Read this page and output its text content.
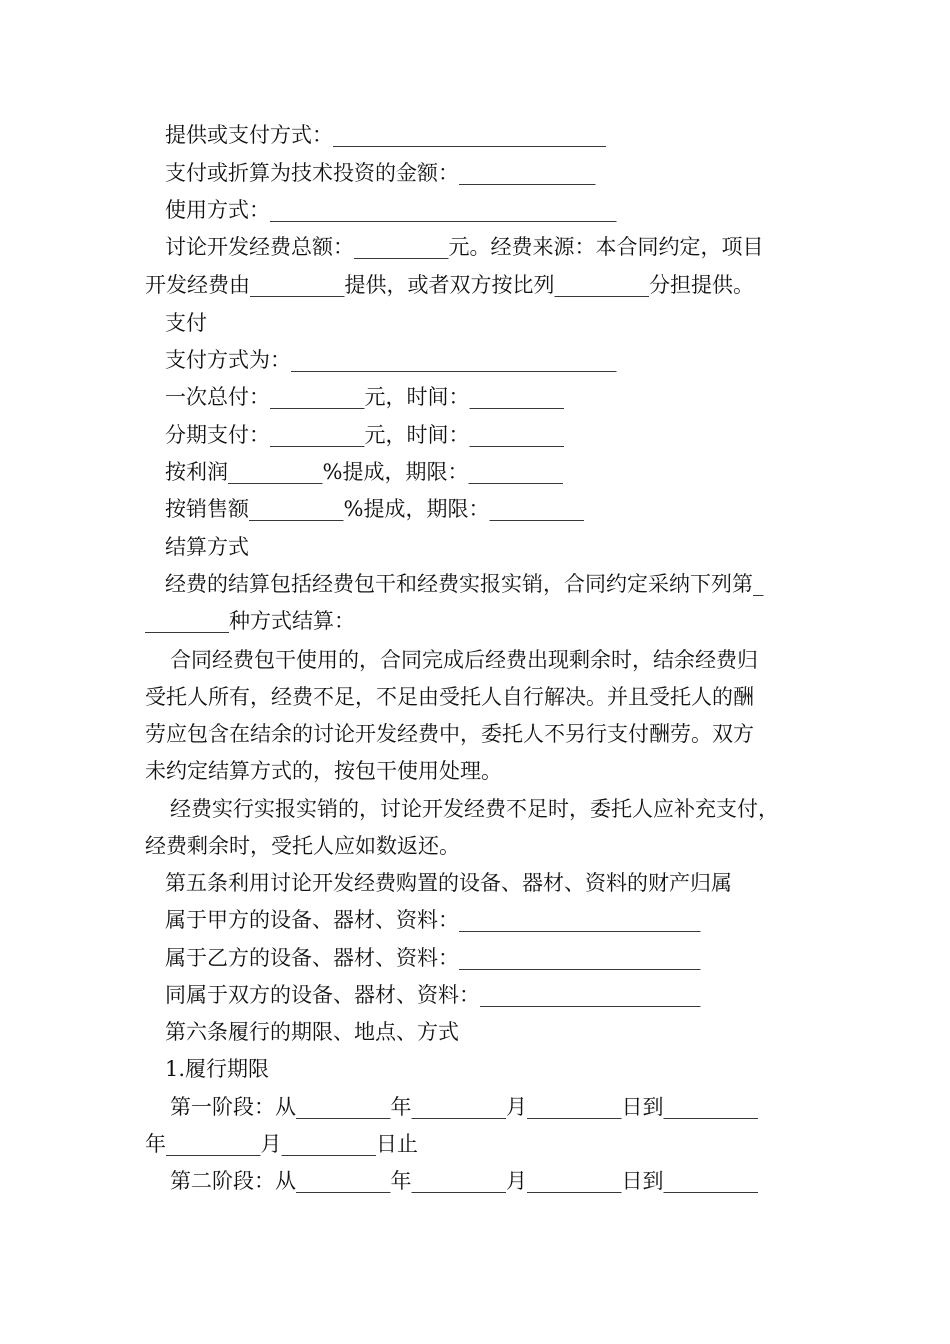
提供或支付方式：__________________________
支付或折算为技术投资的金额：_____________
使用方式：_________________________________
讨论开发经费总额：_________元。经费来源：本合同约定，项目
开发经费由_________提供，或者双方按比列_________分担提供。
支付
支付方式为：_______________________________
一次总付：_________元，时间：_________
分期支付：_________元，时间：_________
按利润_________%提成，期限：_________
按销售额_________%提成，期限：_________
结算方式
经费的结算包括经费包干和经费实报实销，合同约定采纳下列第_
________种方式结算：
合同经费包干使用的，合同完成后经费出现剩余时，结余经费归
受托人所有，经费不足，不足由受托人自行解决。并且受托人的酬
劳应包含在结余的讨论开发经费中，委托人不另行支付酬劳。双方
未约定结算方式的，按包干使用处理。
经费实行实报实销的，讨论开发经费不足时，委托人应补充支付，
经费剩余时，受托人应如数返还。
第五条利用讨论开发经费购置的设备、器材、资料的财产归属
属于甲方的设备、器材、资料：_______________________
属于乙方的设备、器材、资料：_______________________
同属于双方的设备、器材、资料：_____________________
第六条履行的期限、地点、方式
1.履行期限
第一阶段：从_________年_________月_________日到_________
年_________月_________日止
第二阶段：从_________年_________月_________日到_________
